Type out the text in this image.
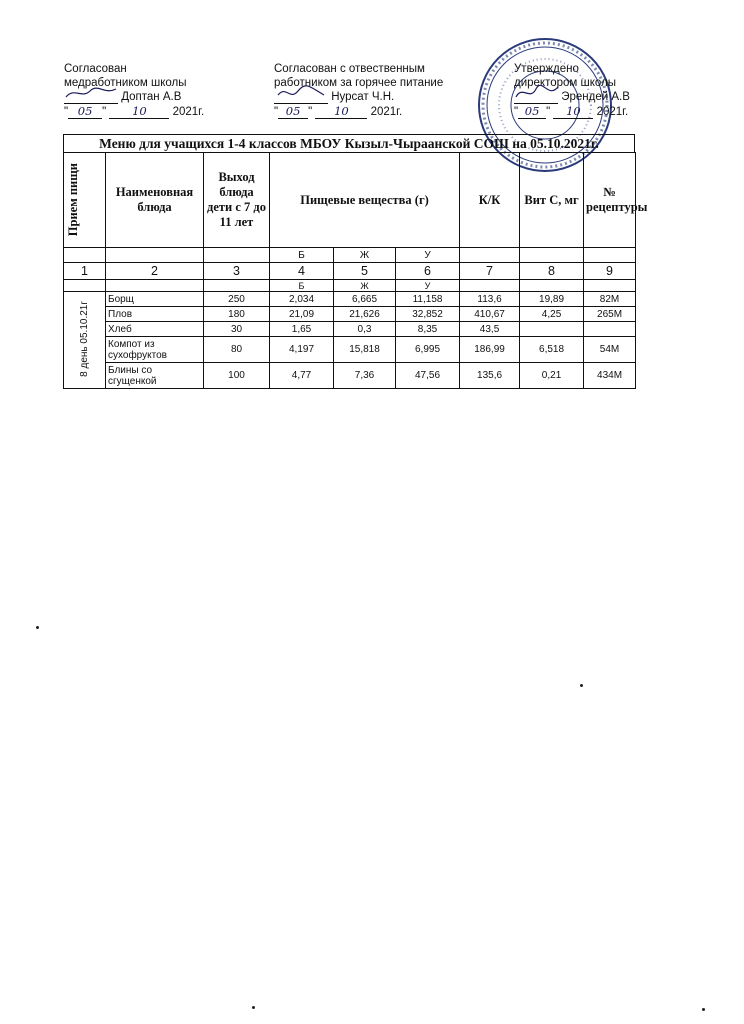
Согласован
медработником школы
Доптан А.В
" 05 " 10 2021г.
Согласован с отвественным
работником за горячее питание
Нурсат Ч.Н.
" 05 " 10 2021г.
Утверждено
директором школы
Эрендей А.В
" 05 " 10 2021г.
Меню для учащихся 1-4 классов МБОУ Кызыл-Чыраанской СОШ на 05.10.2021г.
Прием пищи	Наименовная блюда	Выход блюда дети с 7 до 11 лет	Пищевые вещества (г)			К/К	Вит С, мг	№ рецептуры
			Б	Ж	У			
1	2	3	4	5	6	7	8	9
			Б	Ж	У			
8 день 05.10.21г	Борщ	250	2,034	6,665	11,158	113,6	19,89	82М
	Плов	180	21,09	21,626	32,852	410,67	4,25	265М
	Хлеб	30	1,65	0,3	8,35	43,5		
	Компот из сухофруктов	80	4,197	15,818	6,995	186,99	6,518	54М
	Блины со сгущенкой	100	4,77	7,36	47,56	135,6	0,21	434М
